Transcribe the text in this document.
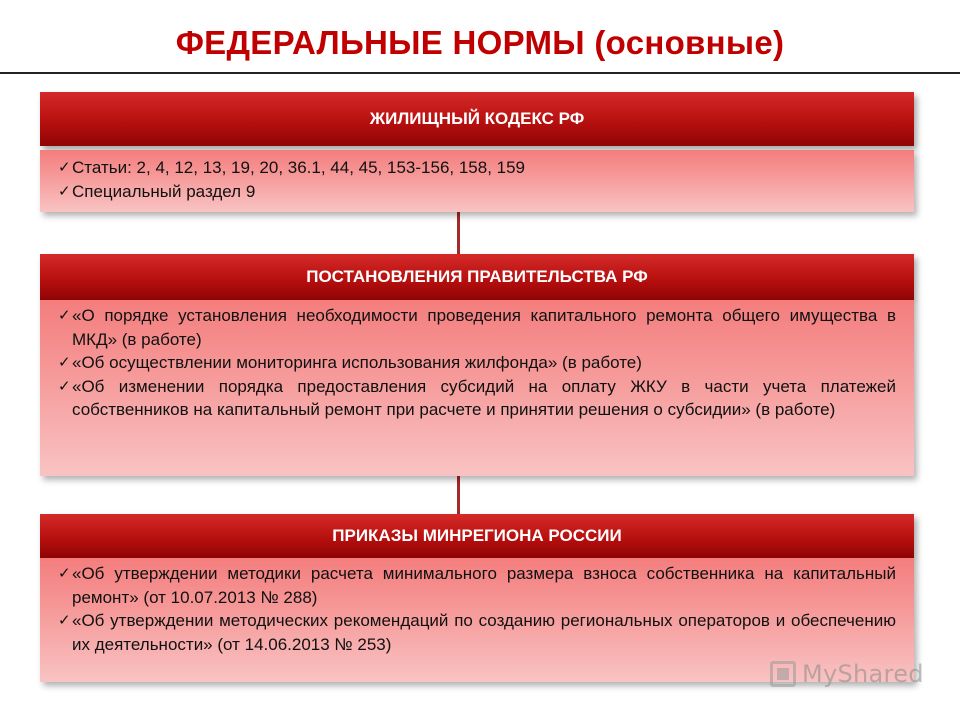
ФЕДЕРАЛЬНЫЕ НОРМЫ (основные)
ЖИЛИЩНЫЙ КОДЕКС РФ
✓ Статьи: 2, 4, 12, 13, 19, 20, 36.1, 44, 45, 153-156, 158, 159
✓ Специальный раздел 9
ПОСТАНОВЛЕНИЯ ПРАВИТЕЛЬСТВА РФ
✓ «О порядке установления необходимости проведения капитального ремонта общего имущества в МКД» (в работе)
✓ «Об осуществлении мониторинга использования жилфонда» (в работе)
✓ «Об изменении порядка предоставления субсидий на оплату ЖКУ в части учета платежей собственников на капитальный ремонт при расчете и принятии решения о субсидии» (в работе)
ПРИКАЗЫ МИНРЕГИОНА РОССИИ
✓ «Об утверждении методики расчета минимального размера взноса собственника на капитальный ремонт» (от 10.07.2013 № 288)
✓ «Об утверждении методических рекомендаций по созданию региональных операторов и обеспечению их деятельности» (от 14.06.2013 № 253)
MyShared
